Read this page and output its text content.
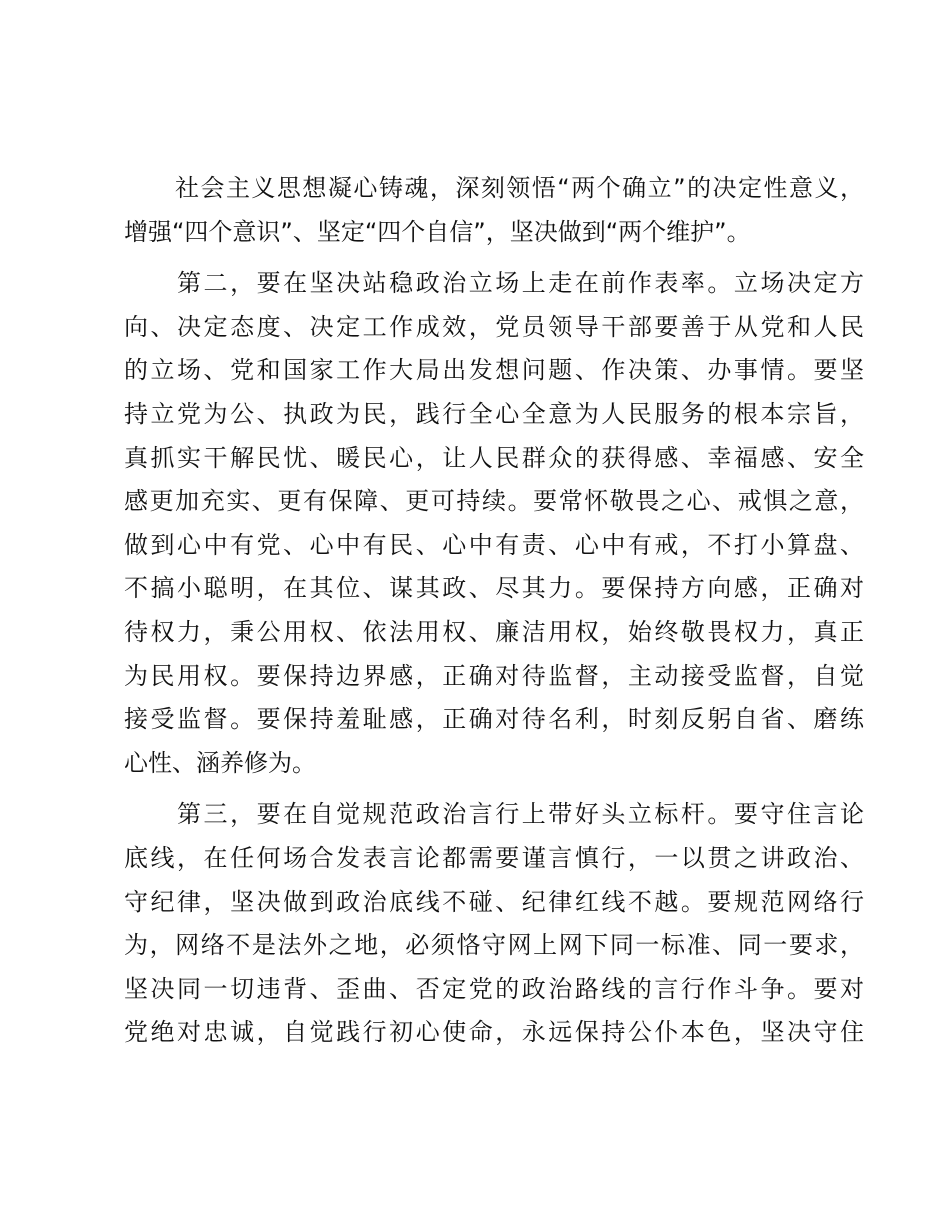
　　社会主义思想凝心铸魂，深刻领悟“两个确立”的决定性意义，
增强“四个意识”、坚定“四个自信”，坚决做到“两个维护”。
　　第二，要在坚决站稳政治立场上走在前作表率。立场决定方
向、决定态度、决定工作成效，党员领导干部要善于从党和人民
的立场、党和国家工作大局出发想问题、作决策、办事情。要坚
持立党为公、执政为民，践行全心全意为人民服务的根本宗旨，
真抓实干解民忧、暖民心，让人民群众的获得感、幸福感、安全
感更加充实、更有保障、更可持续。要常怀敬畏之心、戒惧之意，
做到心中有党、心中有民、心中有责、心中有戒，不打小算盘、
不搞小聪明，在其位、谋其政、尽其力。要保持方向感，正确对
待权力，秉公用权、依法用权、廉洁用权，始终敬畏权力，真正
为民用权。要保持边界感，正确对待监督，主动接受监督，自觉
接受监督。要保持羞耻感，正确对待名利，时刻反躬自省、磨练
心性、涵养修为。
　　第三，要在自觉规范政治言行上带好头立标杆。要守住言论
底线，在任何场合发表言论都需要谨言慎行，一以贯之讲政治、
守纪律，坚决做到政治底线不碰、纪律红线不越。要规范网络行
为，网络不是法外之地，必须恪守网上网下同一标准、同一要求，
坚决同一切违背、歪曲、否定党的政治路线的言行作斗争。要对
党绝对忠诚，自觉践行初心使命，永远保持公仆本色，坚决守住
